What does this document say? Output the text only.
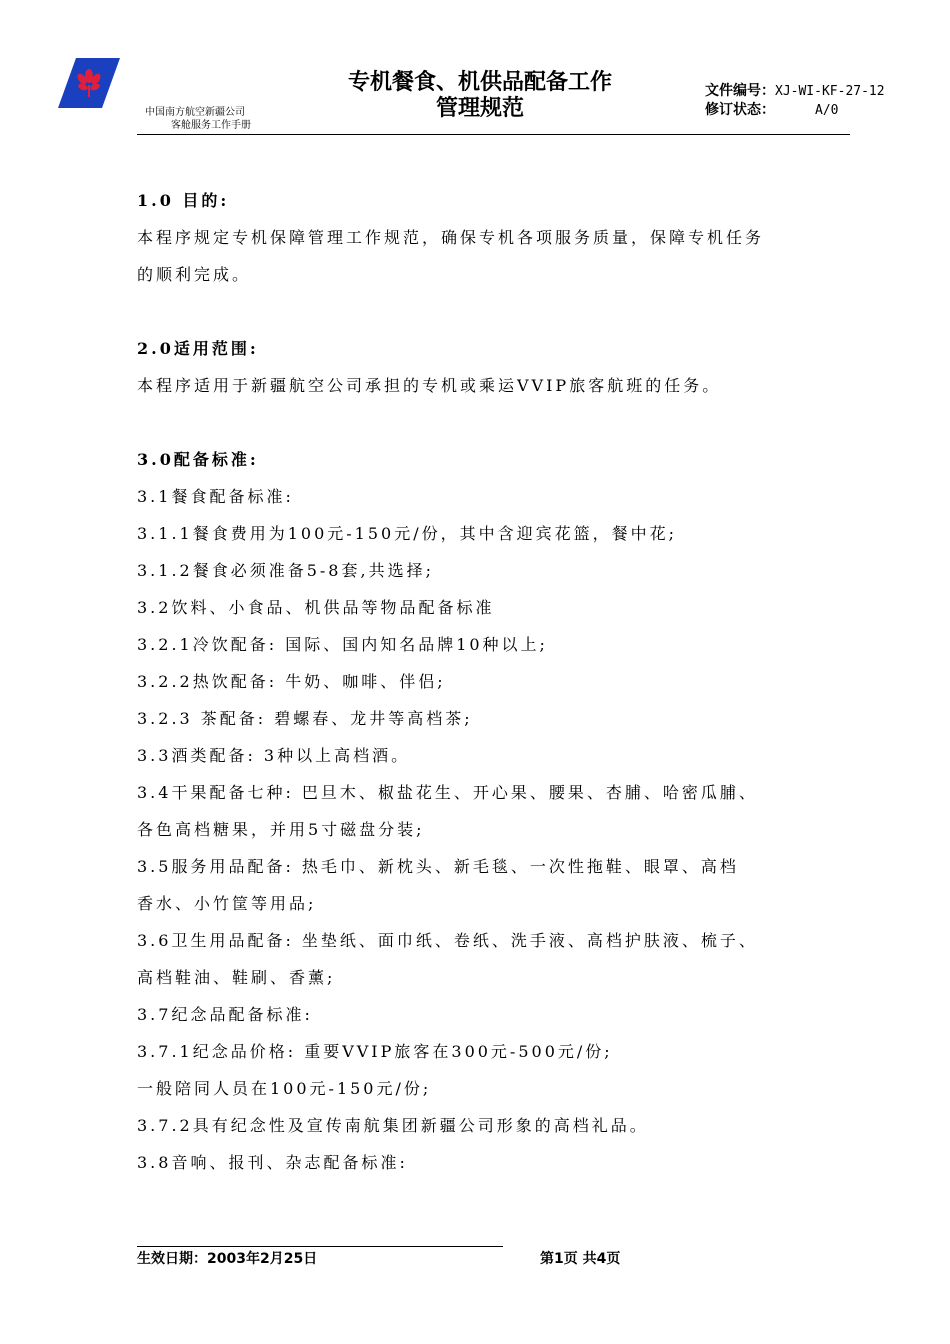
中国南方航空新疆公司
客舱服务工作手册
专机餐食、机供品配备工作
管理规范
文件编号：XJ-WI-KF-27-12
修订状态：	A/0

1.0 目的:

本程序规定专机保障管理工作规范，确保专机各项服务质量，保障专机任务

的顺利完成。

2.0适用范围:

本程序适用于新疆航空公司承担的专机或乘运VVIP旅客航班的任务。

3.0配备标准:

3.1餐食配备标准:

3.1.1餐食费用为100元-150元/份，其中含迎宾花篮，餐中花;

3.1.2餐食必须准备5-8套,共选择;

3.2饮料、小食品、机供品等物品配备标准

3.2.1冷饮配备: 国际、国内知名品牌10种以上;

3.2.2热饮配备: 牛奶、咖啡、伴侣;

3.2.3 茶配备: 碧螺春、龙井等高档茶;

3.3酒类配备: 3种以上高档酒。

3.4干果配备七种: 巴旦木、椒盐花生、开心果、腰果、杏脯、哈密瓜脯、

各色高档糖果，并用5寸磁盘分装;

3.5服务用品配备: 热毛巾、新枕头、新毛毯、一次性拖鞋、眼罩、高档

香水、小竹筐等用品;

3.6卫生用品配备: 坐垫纸、面巾纸、卷纸、洗手液、高档护肤液、梳子、

高档鞋油、鞋刷、香薰;

3.7纪念品配备标准:

3.7.1纪念品价格: 重要VVIP旅客在300元-500元/份;

一般陪同人员在100元-150元/份;

3.7.2具有纪念性及宣传南航集团新疆公司形象的高档礼品。

3.8音响、报刊、杂志配备标准:

生效日期：2003年2月25日	第1页 共4页
